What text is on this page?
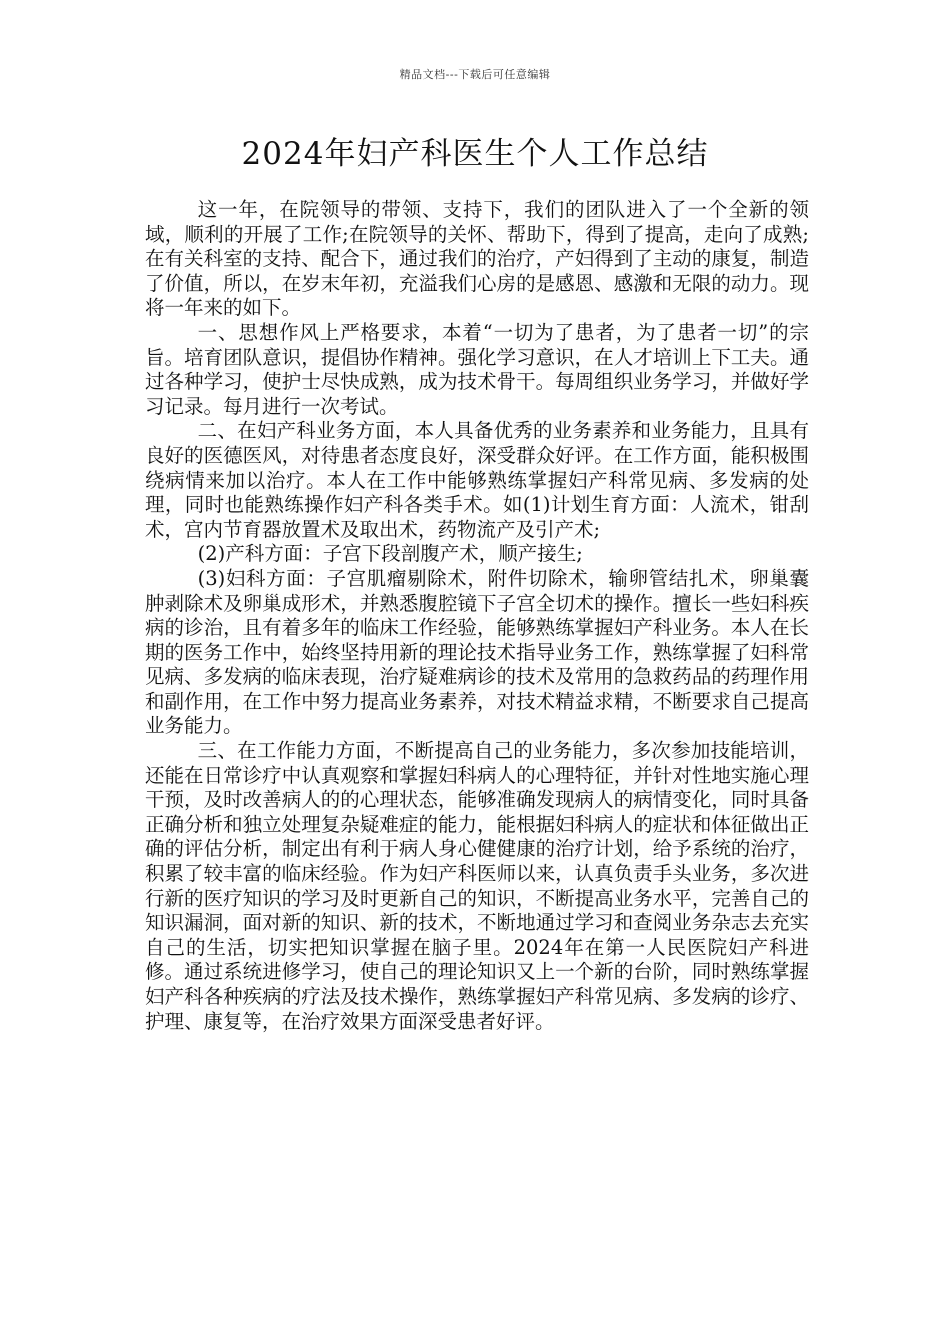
精品文档---下载后可任意编辑
2024年妇产科医生个人工作总结

这一年，在院领导的带领、支持下，我们的团队进入了一个全新的领域，顺利的开展了工作;在院领导的关怀、帮助下，得到了提高，走向了成熟;在有关科室的支持、配合下，通过我们的治疗，产妇得到了主动的康复，制造了价值，所以，在岁末年初，充溢我们心房的是感恩、感激和无限的动力。现将一年来的如下。

一、思想作风上严格要求，本着“一切为了患者，为了患者一切”的宗旨。培育团队意识，提倡协作精神。强化学习意识，在人才培训上下工夫。通过各种学习，使护士尽快成熟，成为技术骨干。每周组织业务学习，并做好学习记录。每月进行一次考试。

二、在妇产科业务方面，本人具备优秀的业务素养和业务能力，且具有良好的医德医风，对待患者态度良好，深受群众好评。在工作方面，能积极围绕病情来加以治疗。本人在工作中能够熟练掌握妇产科常见病、多发病的处理，同时也能熟练操作妇产科各类手术。如(1)计划生育方面：人流术，钳刮术，宫内节育器放置术及取出术，药物流产及引产术;

(2)产科方面：子宫下段剖腹产术，顺产接生;

(3)妇科方面：子宫肌瘤剔除术，附件切除术，输卵管结扎术，卵巢囊肿剥除术及卵巢成形术，并熟悉腹腔镜下子宫全切术的操作。擅长一些妇科疾病的诊治，且有着多年的临床工作经验，能够熟练掌握妇产科业务。本人在长期的医务工作中，始终坚持用新的理论技术指导业务工作，熟练掌握了妇科常见病、多发病的临床表现，治疗疑难病诊的技术及常用的急救药品的药理作用和副作用，在工作中努力提高业务素养，对技术精益求精，不断要求自己提高业务能力。

三、在工作能力方面，不断提高自己的业务能力，多次参加技能培训，还能在日常诊疗中认真观察和掌握妇科病人的心理特征，并针对性地实施心理干预，及时改善病人的的心理状态，能够准确发现病人的病情变化，同时具备正确分析和独立处理复杂疑难症的能力，能根据妇科病人的症状和体征做出正确的评估分析，制定出有利于病人身心健健康的治疗计划，给予系统的治疗，积累了较丰富的临床经验。作为妇产科医师以来，认真负责手头业务，多次进行新的医疗知识的学习及时更新自己的知识，不断提高业务水平，完善自己的知识漏洞，面对新的知识、新的技术，不断地通过学习和查阅业务杂志去充实自己的生活，切实把知识掌握在脑子里。2024年在第一人民医院妇产科进修。通过系统进修学习，使自己的理论知识又上一个新的台阶，同时熟练掌握妇产科各种疾病的疗法及技术操作，熟练掌握妇产科常见病、多发病的诊疗、护理、康复等，在治疗效果方面深受患者好评。
